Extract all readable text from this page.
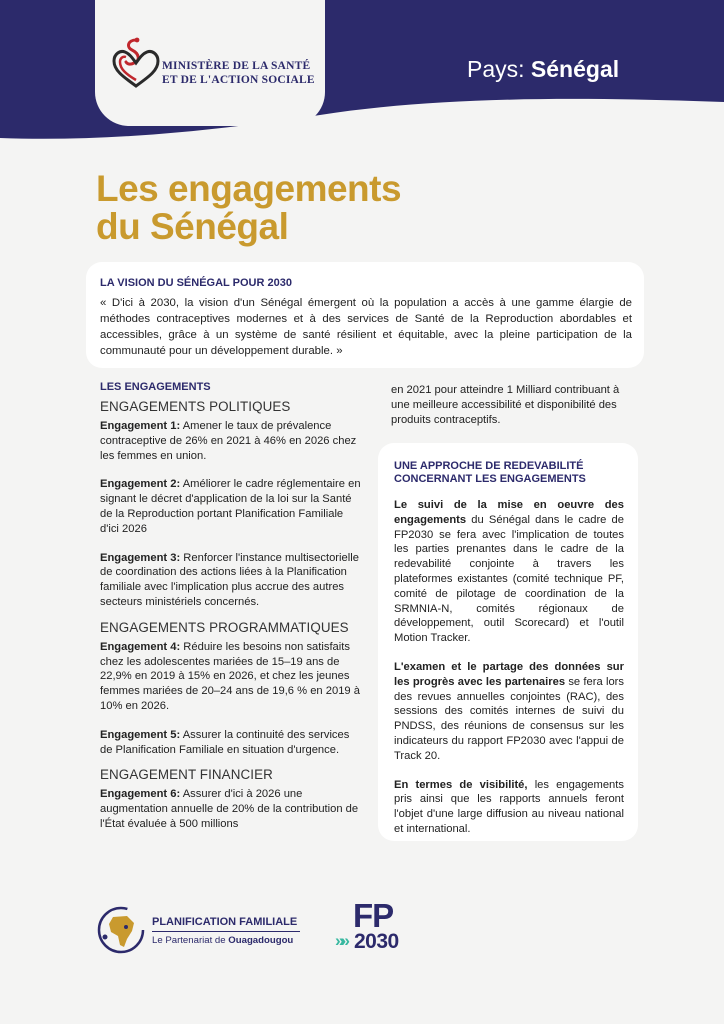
MINISTÈRE DE LA SANTÉ
ET DE L'ACTION SOCIALE	Pays: Sénégal
Les engagements
du Sénégal
LA VISION DU SÉNÉGAL POUR 2030
« D'ici à 2030, la vision d'un Sénégal émergent où la population a accès à une gamme élargie de méthodes contraceptives modernes et à des services de Santé de la Reproduction abordables et accessibles, grâce à un système de santé résilient et équitable, avec la pleine participation de la communauté pour un développement durable. »
LES ENGAGEMENTS
ENGAGEMENTS POLITIQUES

Engagement 1: Amener le taux de prévalence contraceptive de 26% en 2021 à 46% en 2026 chez les femmes en union.

Engagement 2: Améliorer le cadre réglementaire en signant le décret d'application de la loi sur la Santé de la Reproduction portant Planification Familiale d'ici 2026

Engagement 3: Renforcer l'instance multisectorielle de coordination des actions liées à la Planification familiale avec l'implication plus accrue des autres secteurs ministériels concernés.

ENGAGEMENTS PROGRAMMATIQUES

Engagement 4: Réduire les besoins non satisfaits chez les adolescentes mariées de 15–19 ans de 22,9% en 2019 à 15% en 2026, et chez les jeunes femmes mariées de 20–24 ans de 19,6 % en 2019 à 10% en 2026.

Engagement 5: Assurer la continuité des services de Planification Familiale en situation d'urgence.

ENGAGEMENT FINANCIER

Engagement 6: Assurer d'ici à 2026 une augmentation annuelle de 20% de la contribution de l'État évaluée à 500 millions

en 2021 pour atteindre 1 Milliard contribuant à une meilleure accessibilité et disponibilité des produits contraceptifs.
UNE APPROCHE DE REDEVABILITÉ CONCERNANT LES ENGAGEMENTS

Le suivi de la mise en oeuvre des engagements du Sénégal dans le cadre de FP2030 se fera avec l'implication de toutes les parties prenantes dans le cadre de la redevabilité conjointe à travers les plateformes existantes (comité technique PF, comité de pilotage de coordination de la SRMNIA-N, comités régionaux de développement, outil Scorecard) et l'outil Motion Tracker.

L'examen et le partage des données sur les progrès avec les partenaires se fera lors des revues annuelles conjointes (RAC), des sessions des comités internes de suivi du PNDSS, des réunions de consensus sur les indicateurs du rapport FP2030 avec l'appui de Track 20.

En termes de visibilité, les engagements pris ainsi que les rapports annuels feront l'objet d'une large diffusion au niveau national et international.

PLANIFICATION FAMILIALE
Le Partenariat de Ouagadougou
FP
»» 2030
